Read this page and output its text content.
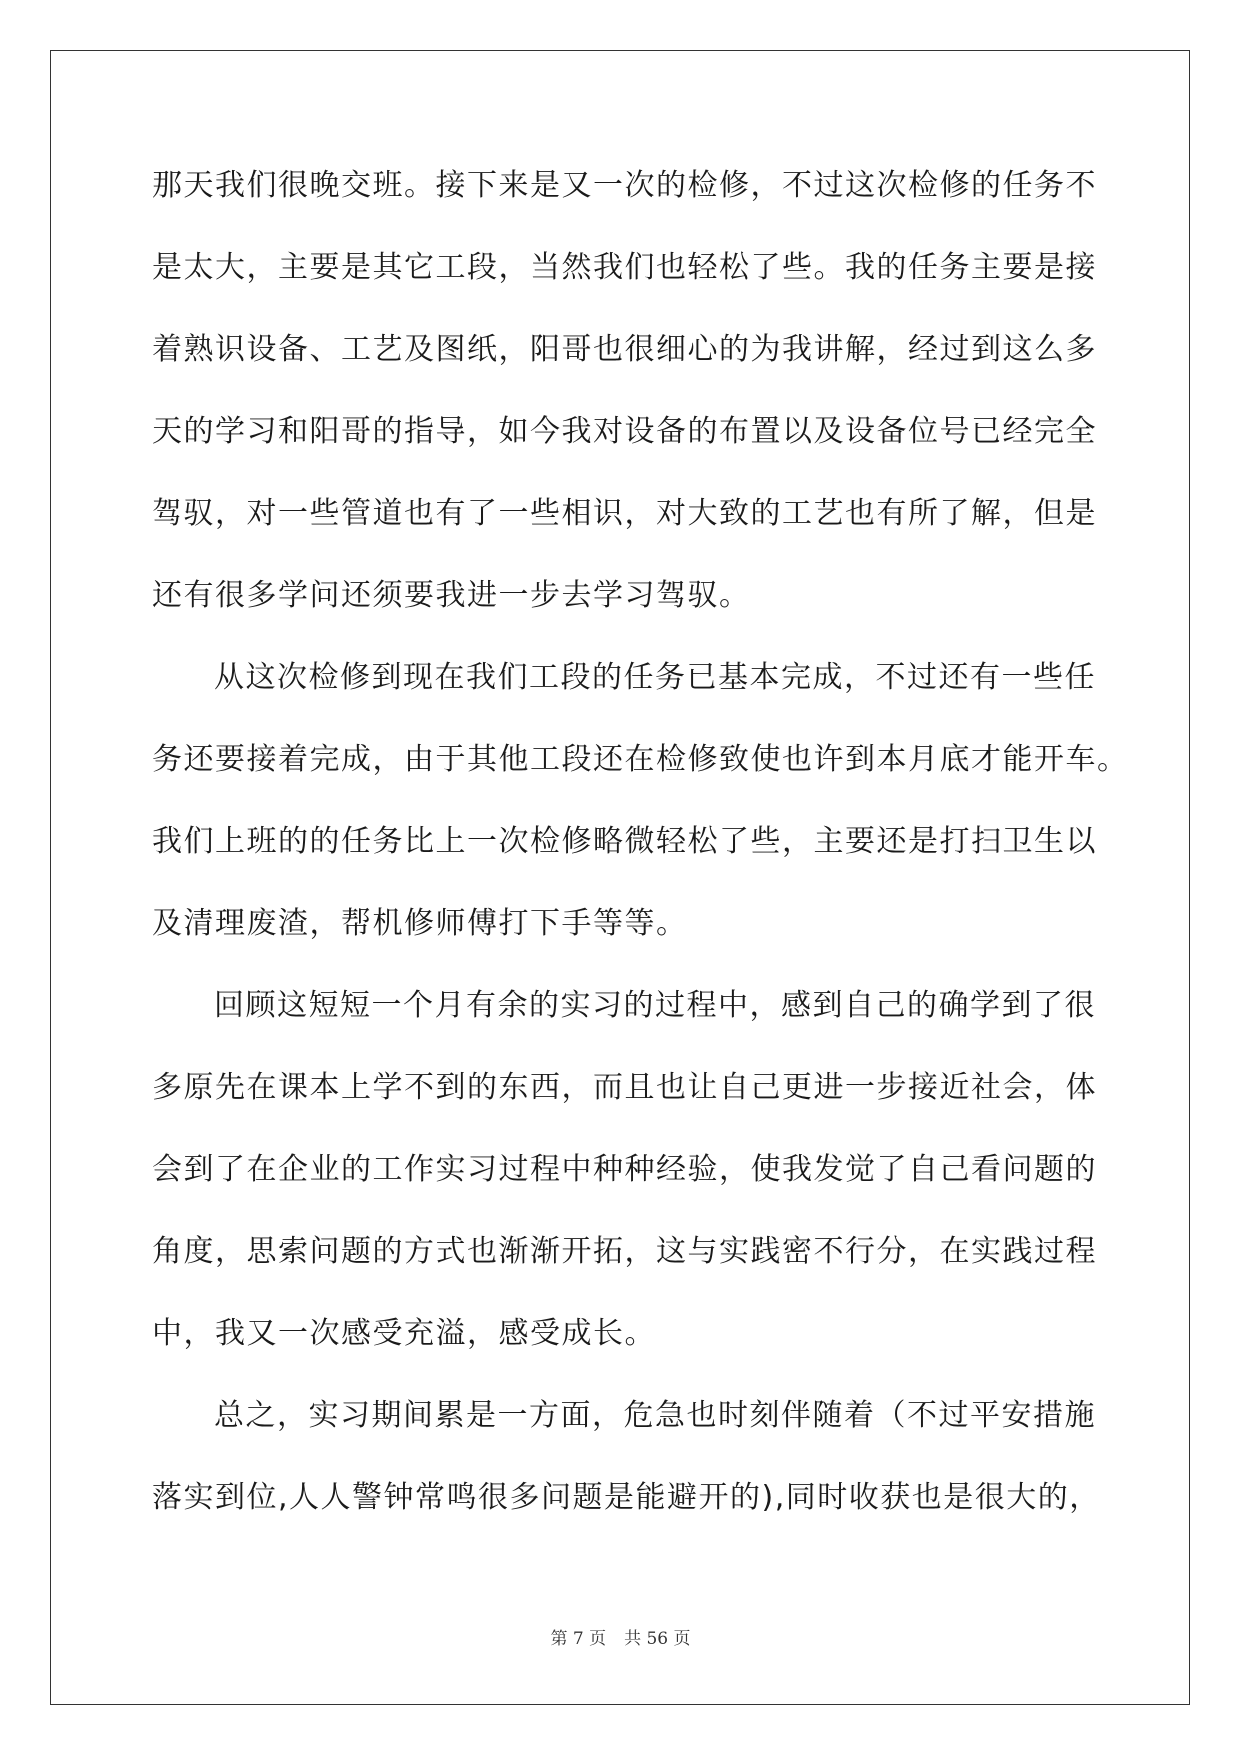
那天我们很晚交班。接下来是又一次的检修，不过这次检修的任务不
是太大，主要是其它工段，当然我们也轻松了些。我的任务主要是接
着熟识设备、工艺及图纸，阳哥也很细心的为我讲解，经过到这么多
天的学习和阳哥的指导，如今我对设备的布置以及设备位号已经完全
驾驭，对一些管道也有了一些相识，对大致的工艺也有所了解，但是
还有很多学问还须要我进一步去学习驾驭。
从这次检修到现在我们工段的任务已基本完成，不过还有一些任
务还要接着完成，由于其他工段还在检修致使也许到本月底才能开车。
我们上班的的任务比上一次检修略微轻松了些，主要还是打扫卫生以
及清理废渣，帮机修师傅打下手等等。
回顾这短短一个月有余的实习的过程中，感到自己的确学到了很
多原先在课本上学不到的东西，而且也让自己更进一步接近社会，体
会到了在企业的工作实习过程中种种经验，使我发觉了自己看问题的
角度，思索问题的方式也渐渐开拓，这与实践密不行分，在实践过程
中，我又一次感受充溢，感受成长。
总之，实习期间累是一方面，危急也时刻伴随着（不过平安措施
落实到位,人人警钟常鸣很多问题是能避开的),同时收获也是很大的，
第 7 页 共 56 页
